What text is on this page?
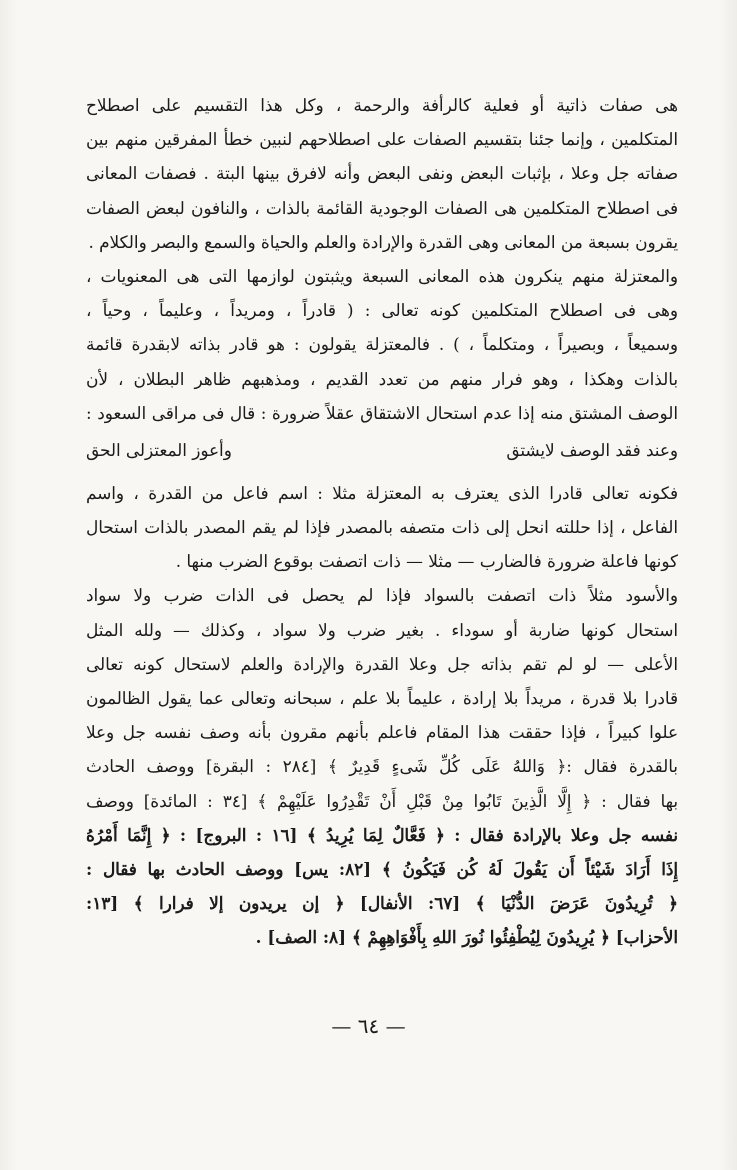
هى صفات ذاتية أو فعلية كالرأفة والرحمة ، وكل هذا التقسيم على اصطلاح
المتكلمين ، وإنما جئنا بتقسيم الصفات على اصطلاحهم لنبين خطأ المفرقين منهم بين
صفاته جل وعلا ، بإثبات البعض ونفى البعض وأنه لافرق بينها البتة . فصفات المعانى
فى اصطلاح المتكلمين هى الصفات الوجودية القائمة بالذات ، والنافون لبعض الصفات
يقرون بسبعة من المعانى وهى القدرة والإرادة والعلم والحياة والسمع والبصر والكلام .
والمعتزلة منهم ينكرون هذه المعانى السبعة ويثبتون لوازمها التى هى المعنويات ،
وهى فى اصطلاح المتكلمين كونه تعالى : ( قادراً ، ومريداً ، وعليماً ، وحياً ،
وسميعاً ، وبصيراً ، ومتكلماً ، ) . فالمعتزلة يقولون : هو قادر بذاته لابقدرة قائمة
بالذات وهكذا ، وهو فرار منهم من تعدد القديم ، ومذهبهم ظاهر البطلان ، لأن
الوصف المشتق منه إذا عدم استحال الاشتقاق عقلاً ضرورة : قال فى مراقى السعود :
وعند فقد الوصف لايشتق
وأعوز المعتزلى الحق
فكونه تعالى قادرا الذى يعترف به المعتزلة مثلا : اسم فاعل من القدرة ، واسم
الفاعل ، إذا حللته انحل إلى ذات متصفه بالمصدر فإذا لم يقم المصدر بالذات استحال
كونها فاعلة ضرورة فالضارب — مثلا — ذات اتصفت بوقوع الضرب منها .
والأسود مثلاً ذات اتصفت بالسواد فإذا لم يحصل فى الذات ضرب ولا سواد
استحال كونها ضاربة أو سوداء . بغير ضرب ولا سواد ، وكذلك — ولله المثل
الأعلى — لو لم تقم بذاته جل وعلا القدرة والإرادة والعلم لاستحال كونه تعالى
قادرا بلا قدرة ، مريداً بلا إرادة ، عليماً بلا علم ، سبحانه وتعالى عما يقول الظالمون
علوا كبيراً ، فإذا حققت هذا المقام فاعلم بأنهم مقرون بأنه وصف نفسه جل وعلا
بالقدرة فقال :﴿ وَاللهُ عَلَى كُلِّ شَىءٍ قَدِيرٌ ﴾ [٢٨٤ : البقرة] ووصف الحادث
بها فقال : ﴿ إِلَّا الَّذِينَ تَابُوا مِنْ قَبْلِ أَنْ تَقْدِرُوا عَلَيْهِمْ ﴾ [٣٤ : المائدة] ووصف
نفسه جل وعلا بالإرادة فقال : ﴿ فَعَّالٌ لِمَا يُرِيدُ ﴾ [١٦ : البروج] : ﴿ إِنَّمَا أَمْرُهُ
إِذَا أَرَادَ شَيْئاً أَن يَقُولَ لَهُ كُن فَيَكُونُ ﴾ [٨٢: يس] ووصف الحادث بها فقال :
﴿ تُرِيدُونَ عَرَضَ الدُّنْيَا ﴾ [٦٧: الأنفال] ﴿ إن يريدون إلا فرارا ﴾ [١٣:
الأحزاب] ﴿ يُرِيدُونَ لِيُطْفِئُوا نُورَ اللهِ بِأَفْوَاهِهِمْ ﴾ [٨: الصف] .
— ٦٤ —
